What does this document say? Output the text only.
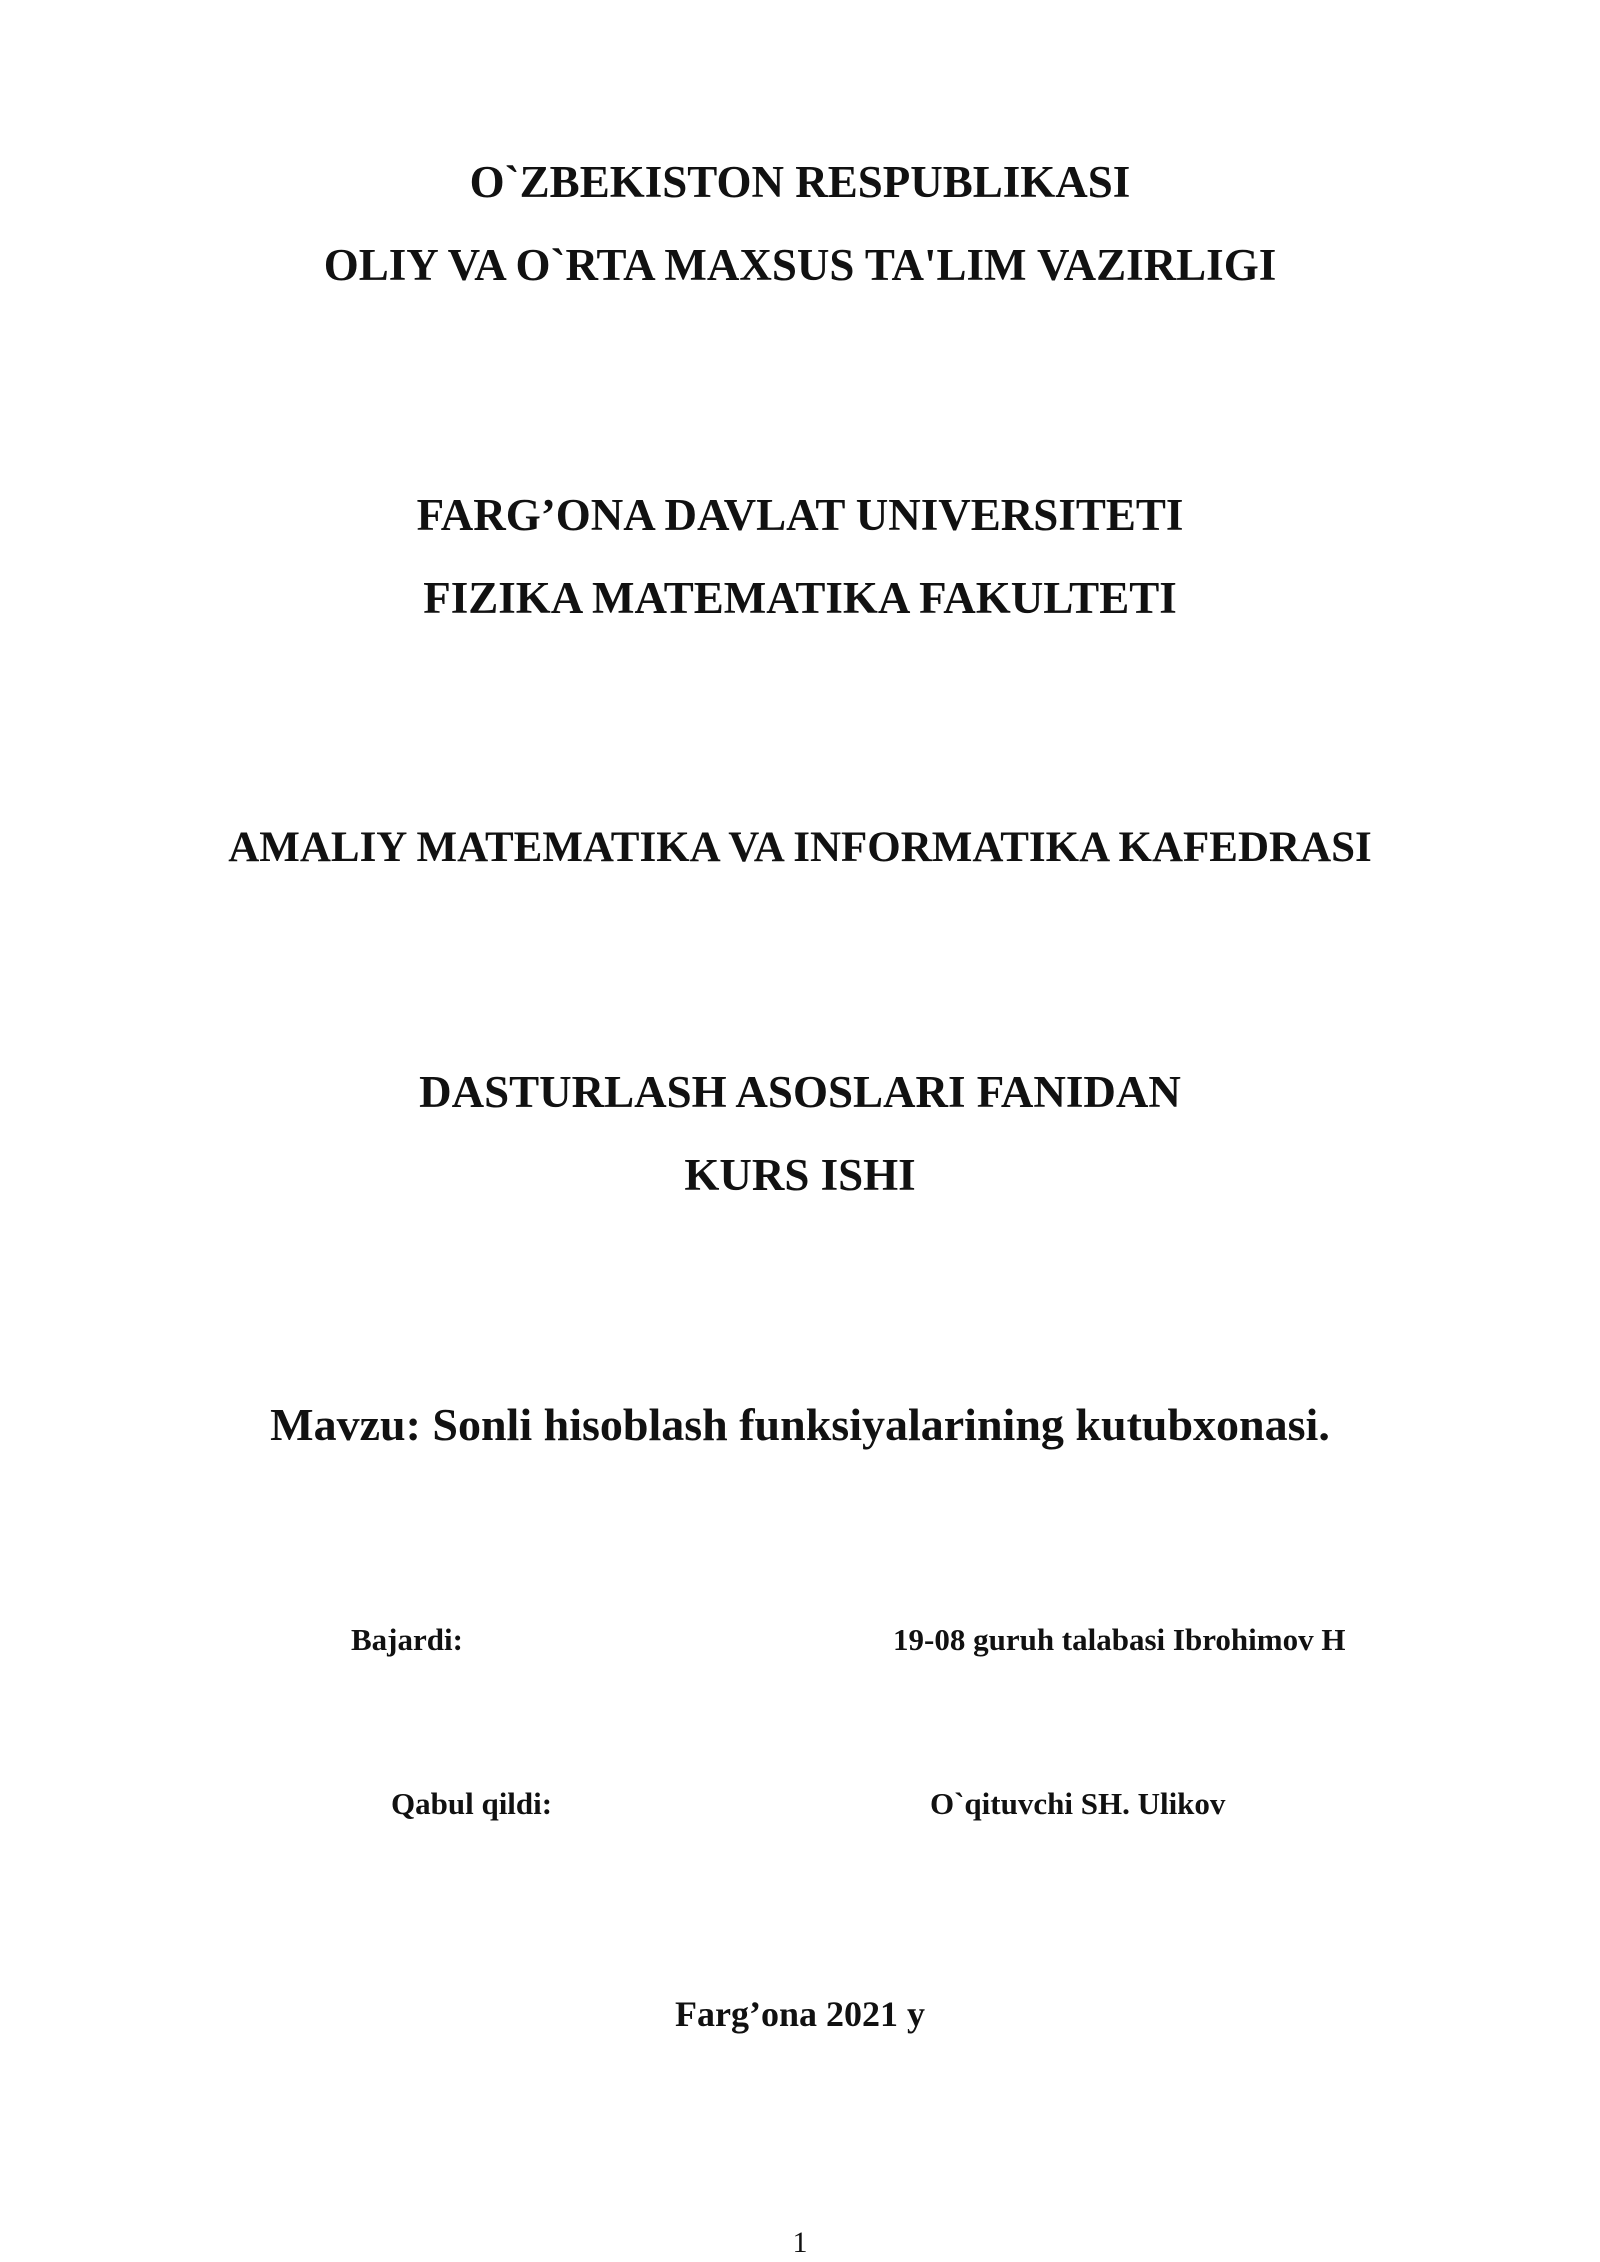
O`ZBEKISTON RESPUBLIKASI
OLIY VA O`RTA MAXSUS TA'LIM VAZIRLIGI
FARG’ONA DAVLAT UNIVERSITETI
FIZIKA MATEMATIKA FAKULTETI
AMALIY MATEMATIKA VA INFORMATIKA KAFEDRASI
DASTURLASH ASOSLARI FANIDAN
KURS ISHI
Mavzu: Sonli hisoblash funksiyalarining kutubxonasi.
Bajardi:	19-08 guruh talabasi Ibrohimov H
Qabul qildi:	O`qituvchi SH. Ulikov
Farg’ona 2021 y
1
